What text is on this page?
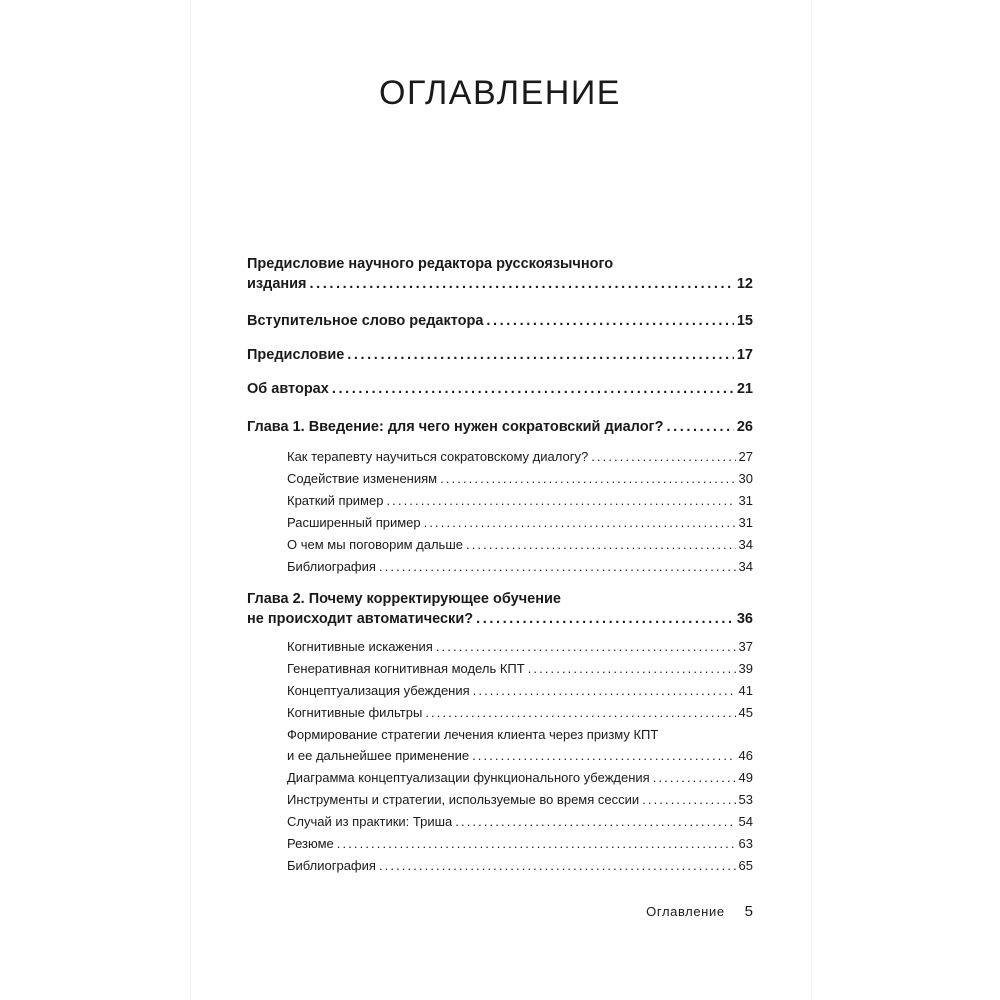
ОГЛАВЛЕНИЕ
Предисловие научного редактора русскоязычного
издания .....	12
Вступительное слово редактора .....	15
Предисловие .....	17
Об авторах .....	21
Глава 1. Введение: для чего нужен сократовский диалог? .....	26
Как терапевту научиться сократовскому диалогу? .....	27
Содействие изменениям .....	30
Краткий пример .....	31
Расширенный пример .....	31
О чем мы поговорим дальше .....	34
Библиография .....	34
Глава 2. Почему корректирующее обучение
не происходит автоматически? .....	36
Когнитивные искажения .....	37
Генеративная когнитивная модель КПТ .....	39
Концептуализация убеждения .....	41
Когнитивные фильтры .....	45
Формирование стратегии лечения клиента через призму КПТ
и ее дальнейшее применение .....	46
Диаграмма концептуализации функционального убеждения .....	49
Инструменты и стратегии, используемые во время сессии .....	53
Случай из практики: Триша .....	54
Резюме .....	63
Библиография .....	65
Оглавление 5
